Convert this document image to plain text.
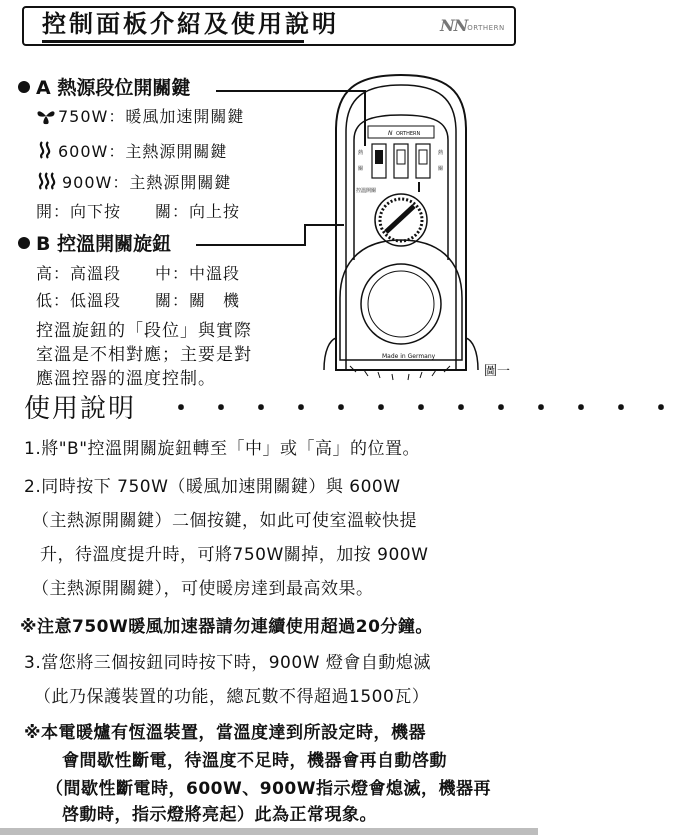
控制面板介紹及使用說明	N N ORTHERN
A 熱源段位開關鍵
750W：暖風加速開關鍵
600W：主熱源開關鍵
900W：主熱源開關鍵
開：向下按　　關：向上按
B 控溫開關旋鈕
高：高溫段　　中：中溫段
低：低溫段　　關：關　機
控溫旋鈕的「段位」與實際
室溫是不相對應；主要是對
應溫控器的溫度控制。
N ORTHERN
熱
關
熱
關
控溫開關
Made in Germany
圖一
使用說明 ・・・・・・・・・・・・・
1.將"B"控溫開關旋鈕轉至「中」或「高」的位置。
2.同時按下 750W（暖風加速開關鍵）與 600W
（主熱源開關鍵）二個按鍵，如此可使室溫較快提
升，待溫度提升時，可將750W關掉，加按 900W
（主熱源開關鍵），可使暖房達到最高效果。
※注意750W暖風加速器請勿連續使用超過20分鐘。
3.當您將三個按鈕同時按下時，900W 燈會自動熄滅
（此乃保護裝置的功能，總瓦數不得超過1500瓦）
※本電暖爐有恆溫裝置，當溫度達到所設定時，機器
會間歇性斷電，待溫度不足時，機器會再自動啓動
（間歇性斷電時，600W、900W指示燈會熄滅，機器再
啓動時，指示燈將亮起）此為正常現象。
